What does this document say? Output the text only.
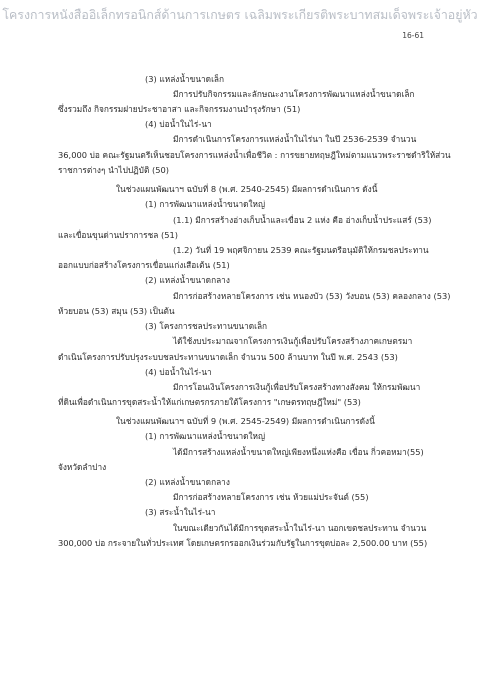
โครงการหนังสืออิเล็กทรอนิกส์ด้านการเกษตร เฉลิมพระเกียรติพระบาทสมเด็จพระเจ้าอยู่หัว
16-61
(3) แหล่งน้ำขนาดเล็ก
มีการปรับกิจกรรมและลักษณะงานโครงการพัฒนาแหล่งน้ำขนาดเล็ก
ซึ่งรวมถึง กิจกรรมฝายประชาอาสา และกิจกรรมงานบำรุงรักษา (51)
(4) บ่อน้ำในไร่-นา
มีการดำเนินการโครงการแหล่งน้ำในไร่นา ในปี 2536-2539 จำนวน
36,000 บ่อ คณะรัฐมนตรีเห็นชอบโครงการแหล่งน้ำเพื่อชีวิต : การขยายทฤษฎีใหม่ตามแนวพระราชดำริให้ส่วน
ราชการต่างๆ นำไปปฏิบัติ (50)
ในช่วงแผนพัฒนาฯ ฉบับที่ 8 (พ.ศ. 2540-2545) มีผลการดำเนินการ ดังนี้
(1) การพัฒนาแหล่งน้ำขนาดใหญ่
(1.1) มีการสร้างอ่างเก็บน้ำและเขื่อน 2 แห่ง คือ อ่างเก็บน้ำประแสร์ (53)
และเขื่อนขุนด่านปราการชล (51)
(1.2) วันที่ 19 พฤศจิกายน 2539 คณะรัฐมนตรีอนุมัติให้กรมชลประทาน
ออกแบบก่อสร้างโครงการเขื่อนแก่งเสือเต้น (51)
(2) แหล่งน้ำขนาดกลาง
มีการก่อสร้างหลายโครงการ เช่น หนองบัว (53) วังบอน (53) คลองกลาง (53)
ห้วยบอน (53) สมุน (53) เป็นต้น
(3) โครงการชลประทานขนาดเล็ก
ได้ใช้งบประมาณจากโครงการเงินกู้เพื่อปรับโครงสร้างภาคเกษตรมา
ดำเนินโครงการปรับปรุงระบบชลประทานขนาดเล็ก จำนวน 500 ล้านบาท ในปี พ.ศ. 2543 (53)
(4) บ่อน้ำในไร่-นา
มีการโอนเงินโครงการเงินกู้เพื่อปรับโครงสร้างทางสังคม ให้กรมพัฒนา
ที่ดินเพื่อดำเนินการขุดสระน้ำให้แก่เกษตรกรภายใต้โครงการ "เกษตรทฤษฎีใหม่" (53)
ในช่วงแผนพัฒนาฯ ฉบับที่ 9 (พ.ศ. 2545-2549) มีผลการดำเนินการดังนี้
(1) การพัฒนาแหล่งน้ำขนาดใหญ่
ได้มีการสร้างแหล่งน้ำขนาดใหญ่เพียงหนึ่งแห่งคือ เขื่อน กิ่วคอหมา(55)
จังหวัดลำปาง
(2) แหล่งน้ำขนาดกลาง
มีการก่อสร้างหลายโครงการ เช่น ห้วยแม่ประจันต์ (55)
(3) สระน้ำในไร่-นา
ในขณะเดียวกันได้มีการขุดสระน้ำในไร่-นา นอกเขตชลประทาน จำนวน
300,000 บ่อ กระจายในทั่วประเทศ โดยเกษตรกรออกเงินร่วมกับรัฐในการขุดบ่อละ 2,500.00 บาท (55)
